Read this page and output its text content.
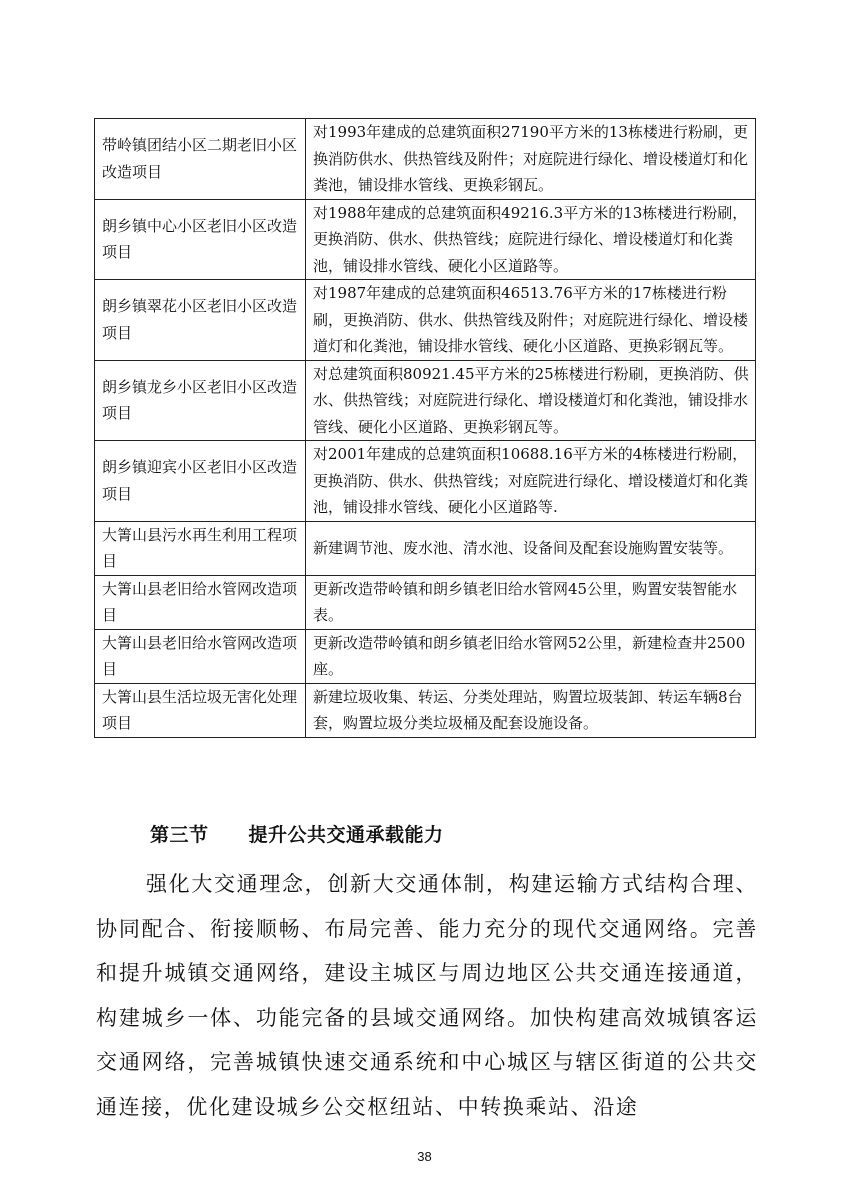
带岭镇团结小区二期老旧小区改造项目	对1993年建成的总建筑面积27190平方米的13栋楼进行粉刷，更换消防供水、供热管线及附件；对庭院进行绿化、增设楼道灯和化粪池，铺设排水管线、更换彩钢瓦。
朗乡镇中心小区老旧小区改造项目	对1988年建成的总建筑面积49216.3平方米的13栋楼进行粉刷，更换消防、供水、供热管线；庭院进行绿化、增设楼道灯和化粪池，铺设排水管线、硬化小区道路等。
朗乡镇翠花小区老旧小区改造项目	对1987年建成的总建筑面积46513.76平方米的17栋楼进行粉刷，更换消防、供水、供热管线及附件；对庭院进行绿化、增设楼道灯和化粪池，铺设排水管线、硬化小区道路、更换彩钢瓦等。
朗乡镇龙乡小区老旧小区改造项目	对总建筑面积80921.45平方米的25栋楼进行粉刷，更换消防、供水、供热管线；对庭院进行绿化、增设楼道灯和化粪池，铺设排水管线、硬化小区道路、更换彩钢瓦等。
朗乡镇迎宾小区老旧小区改造项目	对2001年建成的总建筑面积10688.16平方米的4栋楼进行粉刷，更换消防、供水、供热管线；对庭院进行绿化、增设楼道灯和化粪池，铺设排水管线、硬化小区道路等.
大箐山县污水再生利用工程项目	新建调节池、废水池、清水池、设备间及配套设施购置安装等。
大箐山县老旧给水管网改造项目	更新改造带岭镇和朗乡镇老旧给水管网45公里，购置安装智能水表。
大箐山县老旧给水管网改造项目	更新改造带岭镇和朗乡镇老旧给水管网52公里，新建检查井2500座。
大箐山县生活垃圾无害化处理项目	新建垃圾收集、转运、分类处理站，购置垃圾装卸、转运车辆8台套，购置垃圾分类垃圾桶及配套设施设备。
第三节 提升公共交通承载能力

强化大交通理念，创新大交通体制，构建运输方式结构合理、协同配合、衔接顺畅、布局完善、能力充分的现代交通网络。完善和提升城镇交通网络，建设主城区与周边地区公共交通连接通道，构建城乡一体、功能完备的县域交通网络。加快构建高效城镇客运交通网络，完善城镇快速交通系统和中心城区与辖区街道的公共交通连接，优化建设城乡公交枢纽站、中转换乘站、沿途

38
